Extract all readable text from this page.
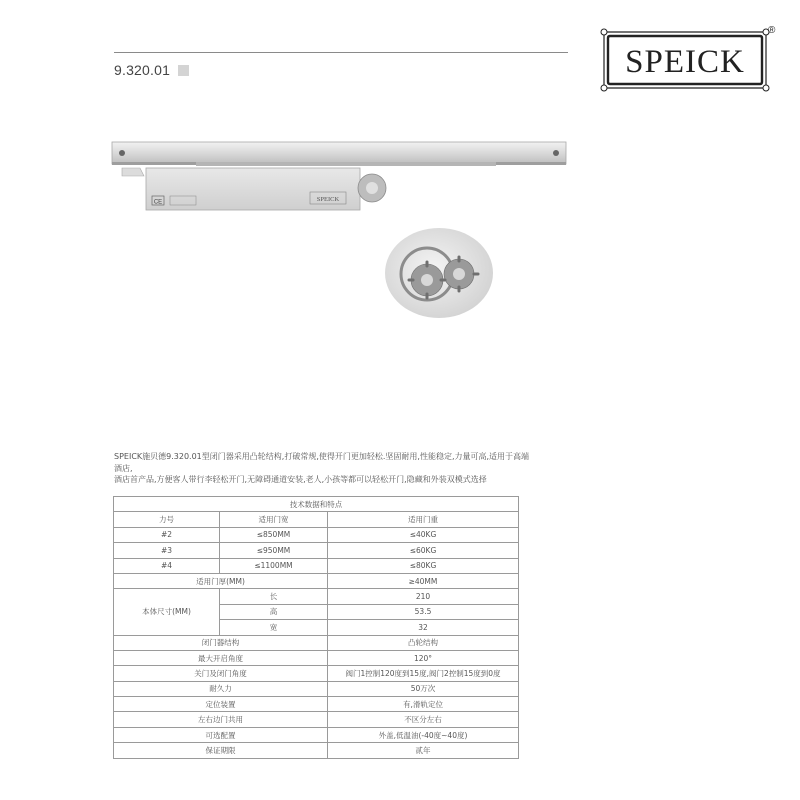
9.320.01	SPEICK
®
CE	SPEICK
SPEICK施贝德9.320.01型闭门器采用凸轮结构,打破常规,使得开门更加轻松.坚固耐用,性能稳定,力量可高,适用于高端酒店,
酒店首产品,方便客人带行李轻松开门,无障碍通道安装,老人,小孩等都可以轻松开门,隐藏和外装双模式选择
技术数据和特点		
力号	适用门宽	适用门重
#2	≤850MM	≤40KG
#3	≤950MM	≤60KG
#4	≤1100MM	≤80KG
适用门厚(MM)		≥40MM
本体尺寸(MM)	长	210
	高	53.5
	宽	32
闭门器结构		凸轮结构
最大开启角度		120°
关门及闭门角度		阀门1控制120度到15度,阀门2控制15度到0度
耐久力		50万次
定位装置		有,滑轨定位
左右边门共用		不区分左右
可选配置		外盖,低温油(-40度~40度)
保证期限		贰年
